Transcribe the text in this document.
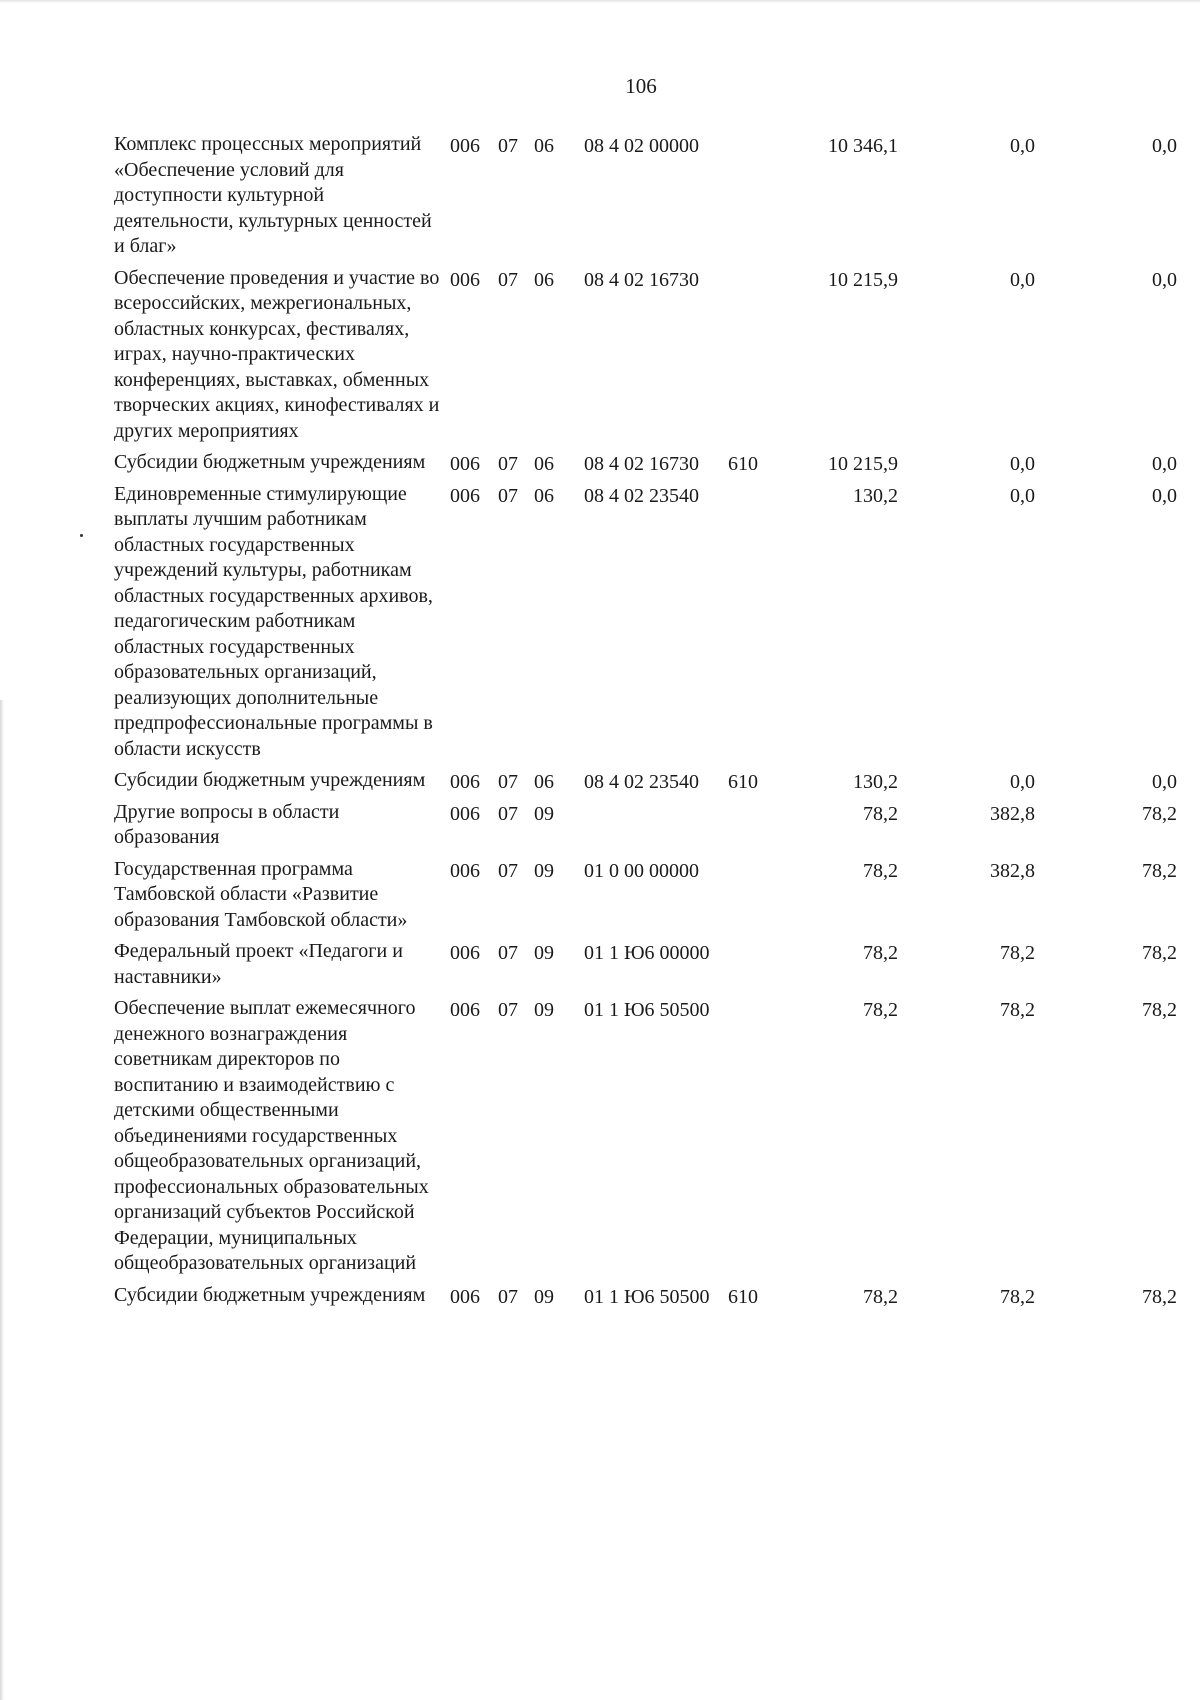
106
Комплекс процессных мероприятий «Обеспечение условий для доступности культурной деятельности, культурных ценностей и благ»
006 07 06 08 4 02 00000	10 346,1	0,0	0,0
Обеспечение проведения и участие во всероссийских, межрегиональных, областных конкурсах, фестивалях, играх, научно-практических конференциях, выставках, обменных творческих акциях, кинофестивалях и других мероприятиях
006 07 06 08 4 02 16730	10 215,9	0,0	0,0
Субсидии бюджетным учреждениям	006 07 06 08 4 02 16730 610	10 215,9	0,0	0,0
Единовременные стимулирующие выплаты лучшим работникам областных государственных учреждений культуры, работникам областных государственных архивов, педагогическим работникам областных государственных образовательных организаций, реализующих дополнительные предпрофессиональные программы в области искусств
006 07 06 08 4 02 23540	130,2	0,0	0,0
Субсидии бюджетным учреждениям	006 07 06 08 4 02 23540 610	130,2	0,0	0,0
Другие вопросы в области образования
006 07 09	78,2	382,8	78,2
Государственная программа Тамбовской области «Развитие образования Тамбовской области»
006 07 09 01 0 00 00000	78,2	382,8	78,2
Федеральный проект «Педагоги и наставники»
006 07 09 01 1 Ю6 00000	78,2	78,2	78,2
Обеспечение выплат ежемесячного денежного вознаграждения советникам директоров по воспитанию и взаимодействию с детскими общественными объединениями государственных общеобразовательных организаций, профессиональных образовательных организаций субъектов Российской Федерации, муниципальных общеобразовательных организаций
006 07 09 01 1 Ю6 50500	78,2	78,2	78,2
Субсидии бюджетным учреждениям	006 07 09 01 1 Ю6 50500 610	78,2	78,2	78,2
